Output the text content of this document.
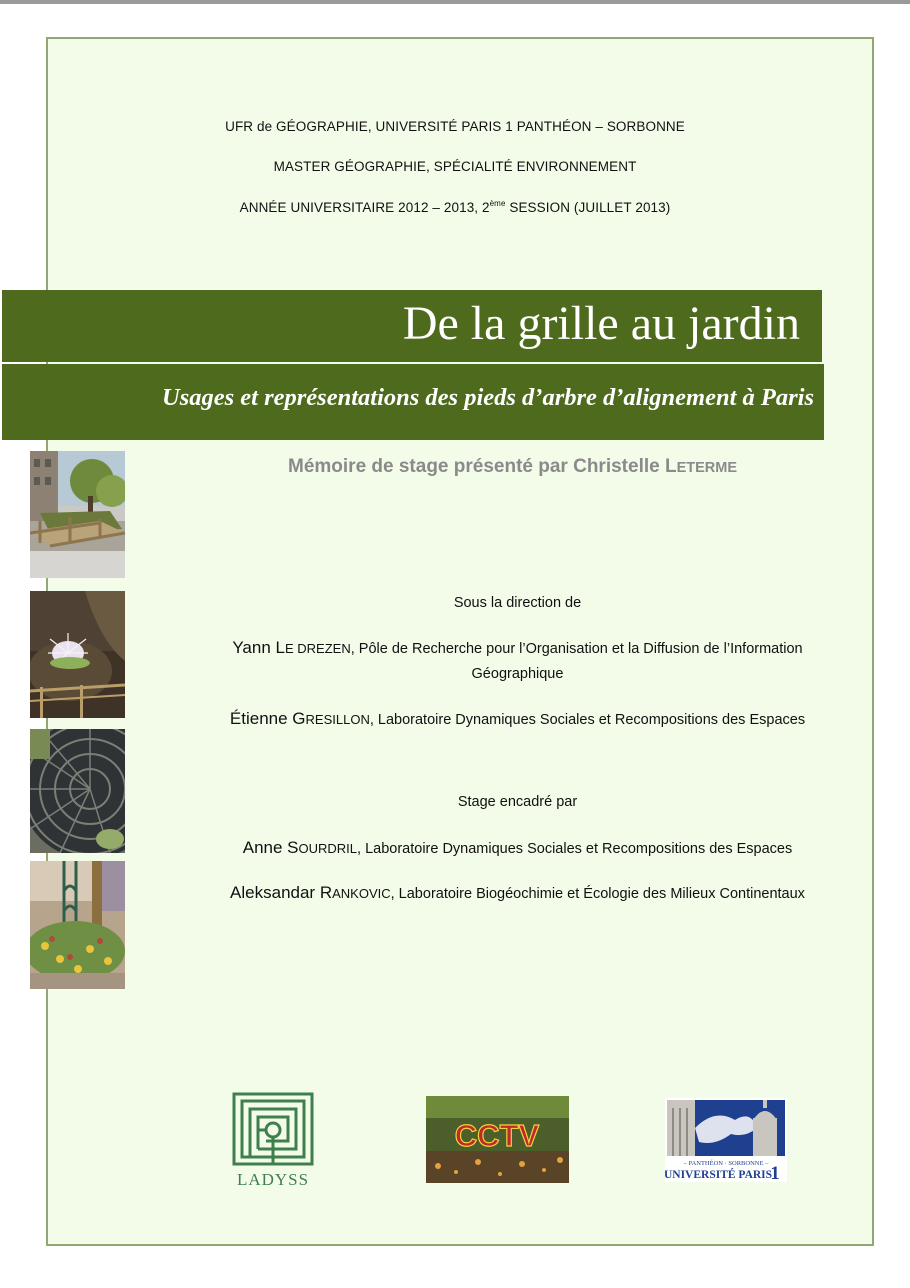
UFR de GÉOGRAPHIE, UNIVERSITÉ PARIS 1 PANTHÉON – SORBONNE
MASTER GÉOGRAPHIE, SPÉCIALITÉ ENVIRONNEMENT
ANNÉE UNIVERSITAIRE 2012 – 2013, 2ème SESSION (JUILLET 2013)
De la grille au jardin
Usages et représentations des pieds d’arbre d’alignement à Paris
Mémoire de stage présenté par Christelle LETERME
Sous la direction de
Yann LE DREZEN, Pôle de Recherche pour l’Organisation et la Diffusion de l’Information
Géographique
Étienne GRESILLON, Laboratoire Dynamiques Sociales et Recompositions des Espaces
Stage encadré par
Anne SOURDRIL, Laboratoire Dynamiques Sociales et Recompositions des Espaces
Aleksandar RANKOVIC, Laboratoire Biogéochimie et Écologie des Milieux Continentaux
LADYSS
CCTV
– PANTHÉON · SORBONNE –
UNIVERSITÉ PARIS
1
